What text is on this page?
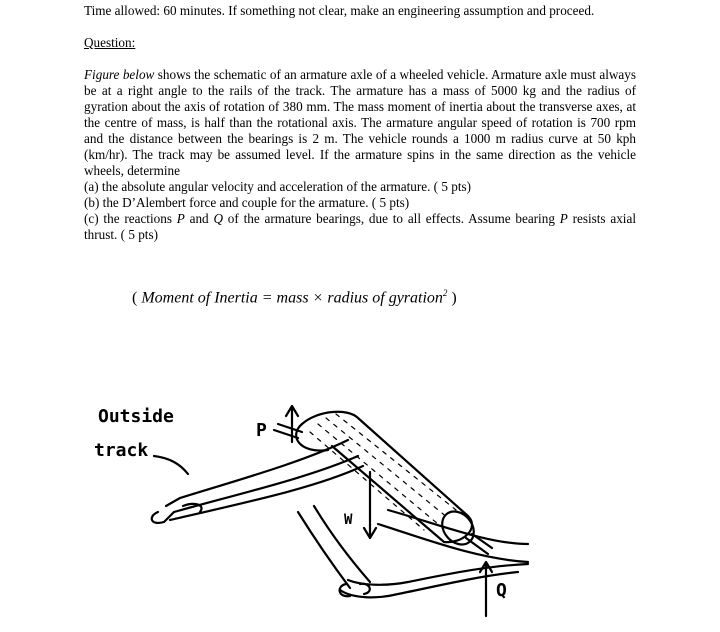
Time allowed: 60 minutes. If something not clear, make an engineering assumption and proceed.
Question:
Figure below shows the schematic of an armature axle of a wheeled vehicle. Armature axle must always be at a right angle to the rails of the track. The armature has a mass of 5000 kg and the radius of gyration about the axis of rotation of 380 mm. The mass moment of inertia about the transverse axes, at the centre of mass, is half than the rotational axis. The armature angular speed of rotation is 700 rpm and the distance between the bearings is 2 m. The vehicle rounds a 1000 m radius curve at 50 kph (km/hr). The track may be assumed level. If the armature spins in the same direction as the vehicle wheels, determine
(a) the absolute angular velocity and acceleration of the armature. ( 5 pts)
(b) the D’Alembert force and couple for the armature. ( 5 pts)
(c) the reactions P and Q of the armature bearings, due to all effects. Assume bearing P resists axial thrust. ( 5 pts)
( Moment of Inertia = mass × radius of gyration$^2$ )
Outside
track
P
W
Q
